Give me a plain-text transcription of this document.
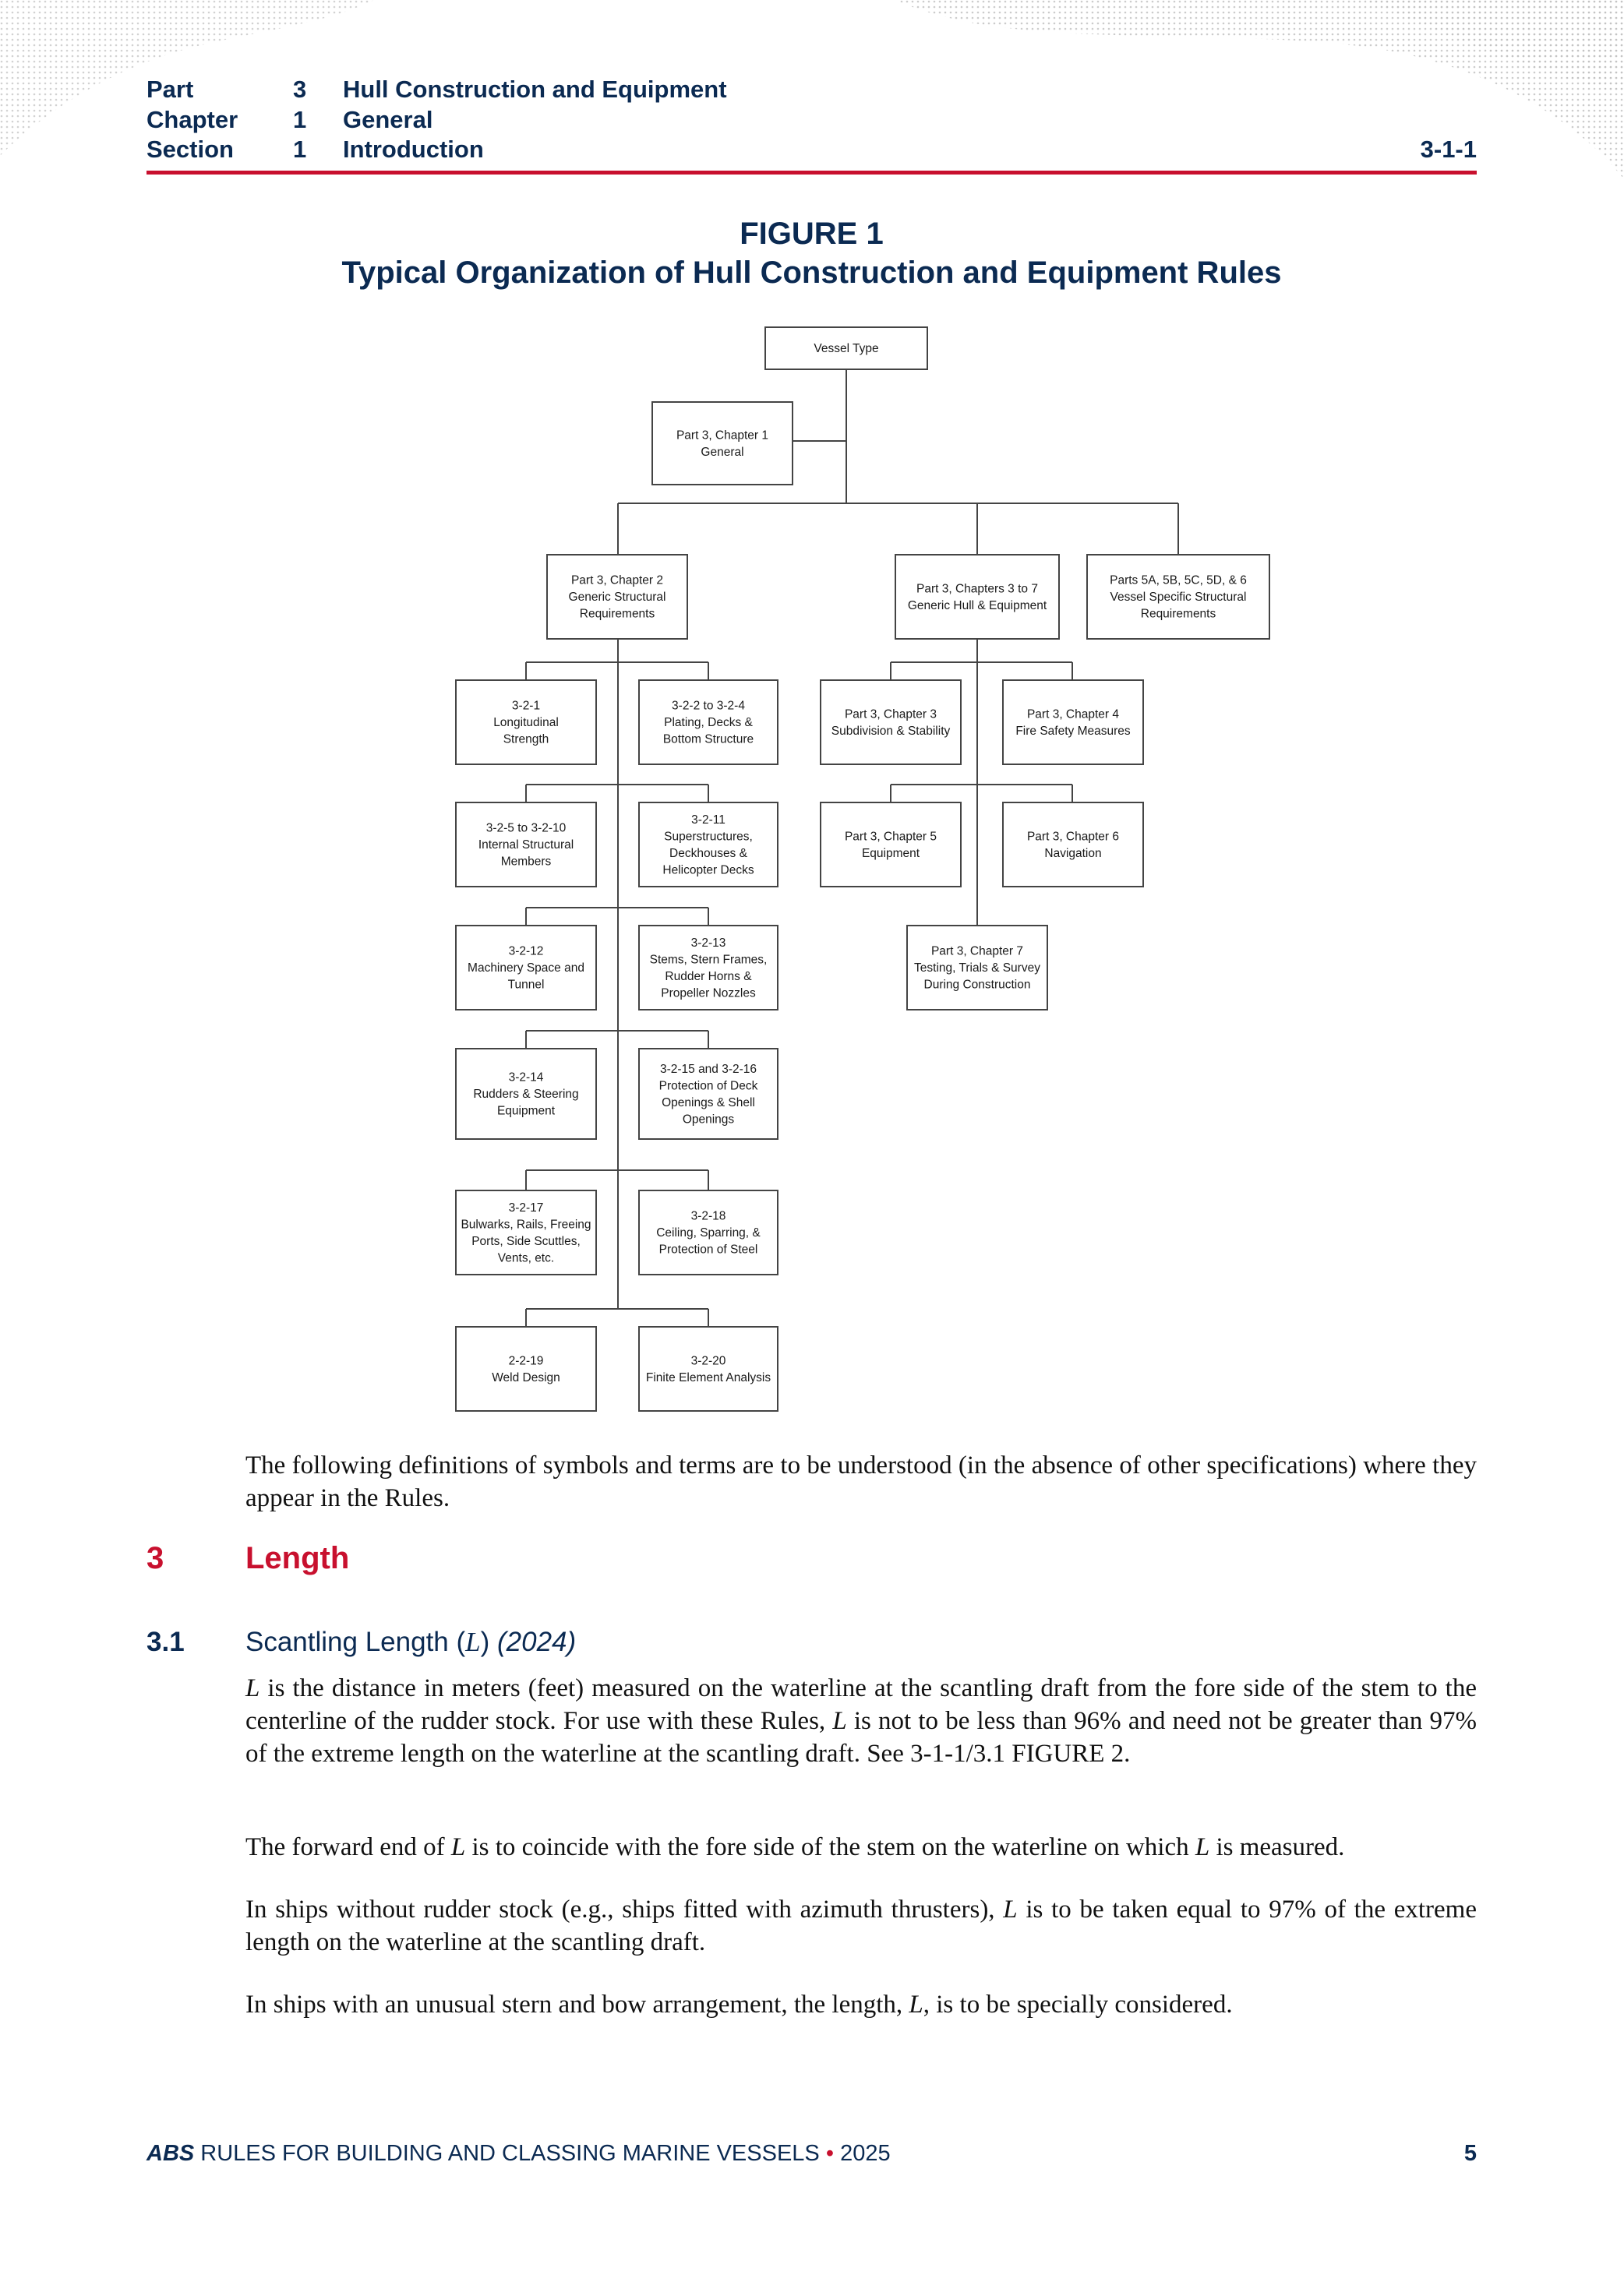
Part	3 Hull Construction and Equipment
Chapter 1 General
Section 1 Introduction	3-1-1
FIGURE 1
Typical Organization of Hull Construction and Equipment Rules
Vessel Type
Part 3, Chapter 1
General
Part 3, Chapter 2
Generic Structural
Requirements
Part 3, Chapters 3 to 7
Generic Hull & Equipment
Parts 5A, 5B, 5C, 5D, & 6
Vessel Specific Structural
Requirements
3-2-1
Longitudinal
Strength
3-2-2 to 3-2-4
Plating, Decks &
Bottom Structure
3-2-5 to 3-2-10
Internal Structural
Members
3-2-11
Superstructures,
Deckhouses &
Helicopter Decks
3-2-12
Machinery Space and
Tunnel
3-2-13
Stems, Stern Frames,
Rudder Horns &
Propeller Nozzles
3-2-14
Rudders & Steering
Equipment
3-2-15 and 3-2-16
Protection of Deck
Openings & Shell
Openings
3-2-17
Bulwarks, Rails, Freeing
Ports, Side Scuttles,
Vents, etc.
3-2-18
Ceiling, Sparring, &
Protection of Steel
2-2-19
Weld Design
3-2-20
Finite Element Analysis
Part 3, Chapter 3
Subdivision & Stability
Part 3, Chapter 4
Fire Safety Measures
Part 3, Chapter 5
Equipment
Part 3, Chapter 6
Navigation
Part 3, Chapter 7
Testing, Trials & Survey
During Construction
The following definitions of symbols and terms are to be understood (in the absence of other specifications) where they appear in the Rules.
3	Length
3.1 Scantling Length (L) (2024)
L is the distance in meters (feet) measured on the waterline at the scantling draft from the fore side of the stem to the centerline of the rudder stock. For use with these Rules, L is not to be less than 96% and need not be greater than 97% of the extreme length on the waterline at the scantling draft. See 3-1-1/3.1 FIGURE 2.
The forward end of L is to coincide with the fore side of the stem on the waterline on which L is measured.
In ships without rudder stock (e.g., ships fitted with azimuth thrusters), L is to be taken equal to 97% of the extreme length on the waterline at the scantling draft.
In ships with an unusual stern and bow arrangement, the length, L, is to be specially considered.
ABS RULES FOR BUILDING AND CLASSING MARINE VESSELS • 2025	5
